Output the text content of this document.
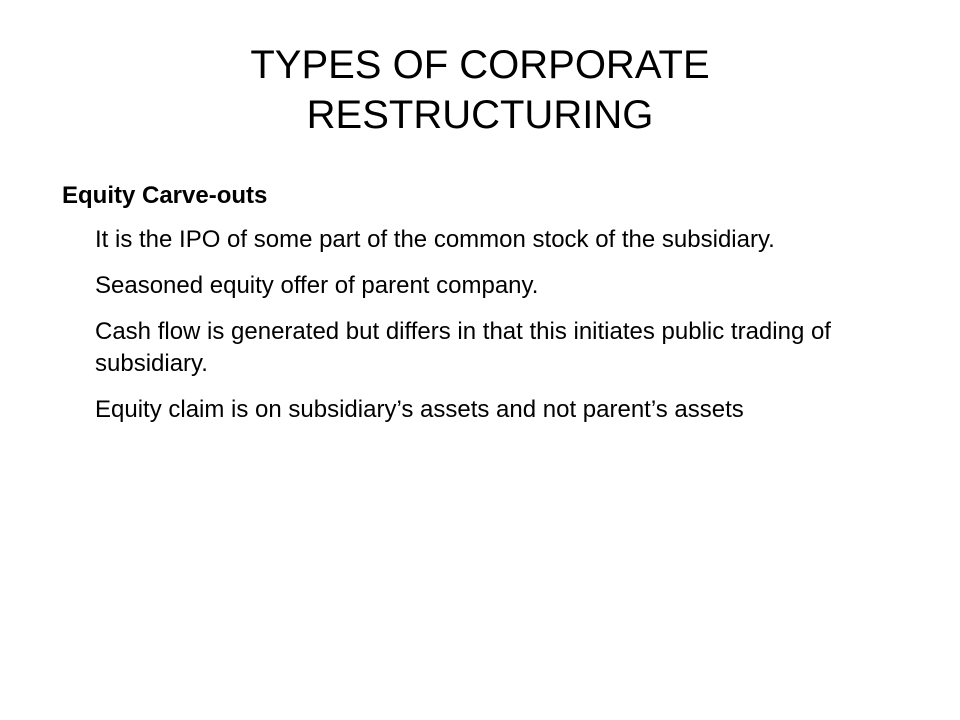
TYPES OF CORPORATE
RESTRUCTURING
Equity Carve-outs
It is the IPO of some part of the common stock of the subsidiary.
Seasoned equity offer of parent company.
Cash flow is generated but differs in that this initiates public trading of subsidiary.
Equity claim is on subsidiary’s assets and not parent’s assets
